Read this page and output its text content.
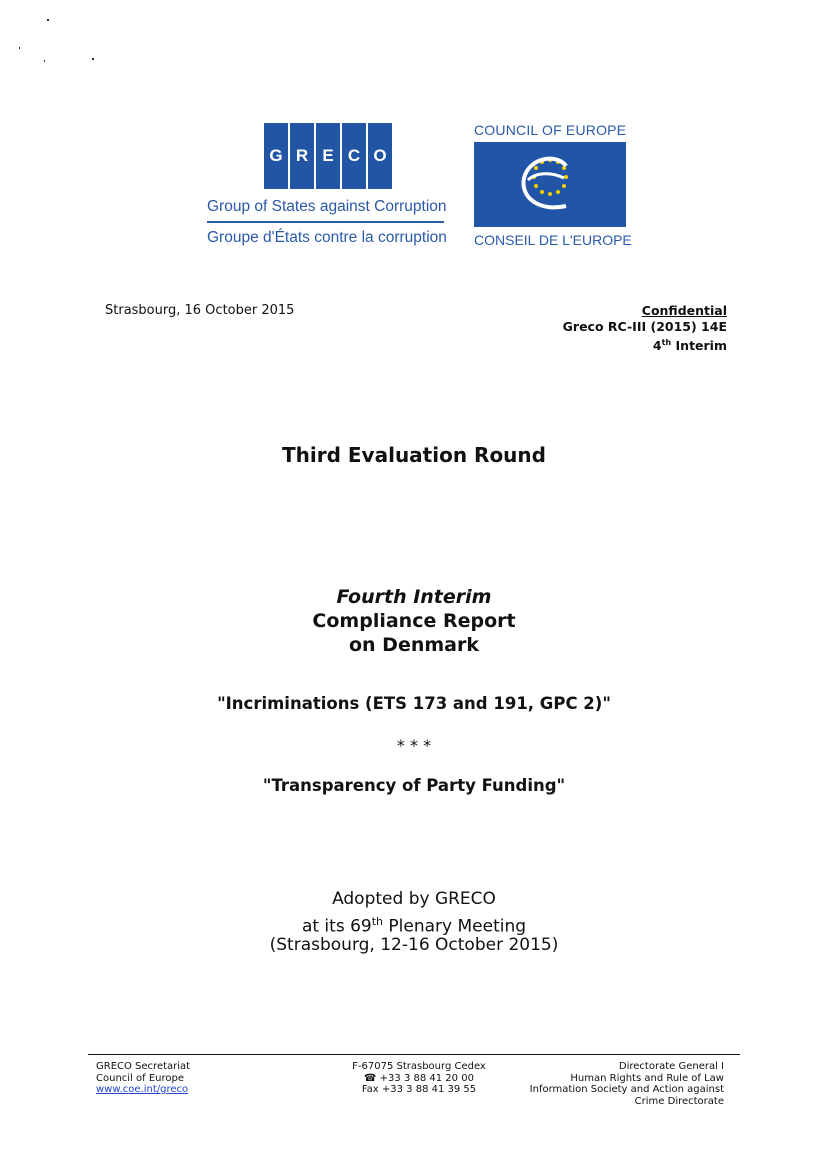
G R E C O
Group of States against Corruption
Groupe d'États contre la corruption
COUNCIL OF EUROPE
CONSEIL DE L'EUROPE
Strasbourg, 16 October 2015	Confidential
Greco RC-III (2015) 14E
4th Interim
Third Evaluation Round
Fourth Interim
Compliance Report
on Denmark
"Incriminations (ETS 173 and 191, GPC 2)"
* * *
"Transparency of Party Funding"
Adopted by GRECO
at its 69th Plenary Meeting
(Strasbourg, 12-16 October 2015)
GRECO Secretariat
Council of Europe
www.coe.int/greco
F-67075 Strasbourg Cedex
☎ +33 3 88 41 20 00
Fax +33 3 88 41 39 55
Directorate General I
Human Rights and Rule of Law
Information Society and Action against
Crime Directorate
